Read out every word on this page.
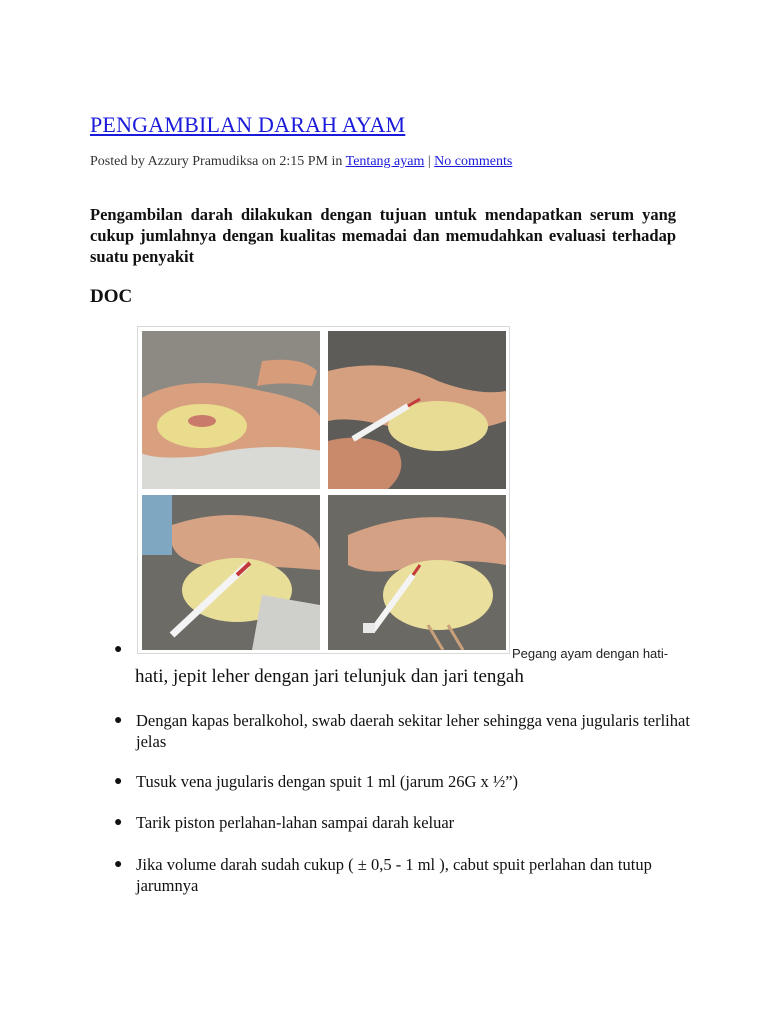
PENGAMBILAN DARAH AYAM
Posted by Azzury Pramudiksa on 2:15 PM in Tentang ayam | No comments
Pengambilan darah dilakukan dengan tujuan untuk mendapatkan serum yang cukup jumlahnya dengan kualitas memadai dan memudahkan evaluasi terhadap suatu penyakit
DOC
●	Pegang ayam dengan hati-
hati, jepit leher dengan jari telunjuk dan jari tengah
● Dengan kapas beralkohol, swab daerah sekitar leher sehingga vena jugularis terlihat jelas
● Tusuk vena jugularis dengan spuit 1 ml (jarum 26G x ½”)
● Tarik piston perlahan-lahan sampai darah keluar
● Jika volume darah sudah cukup ( ± 0,5 - 1 ml ), cabut spuit perlahan dan tutup jarumnya
